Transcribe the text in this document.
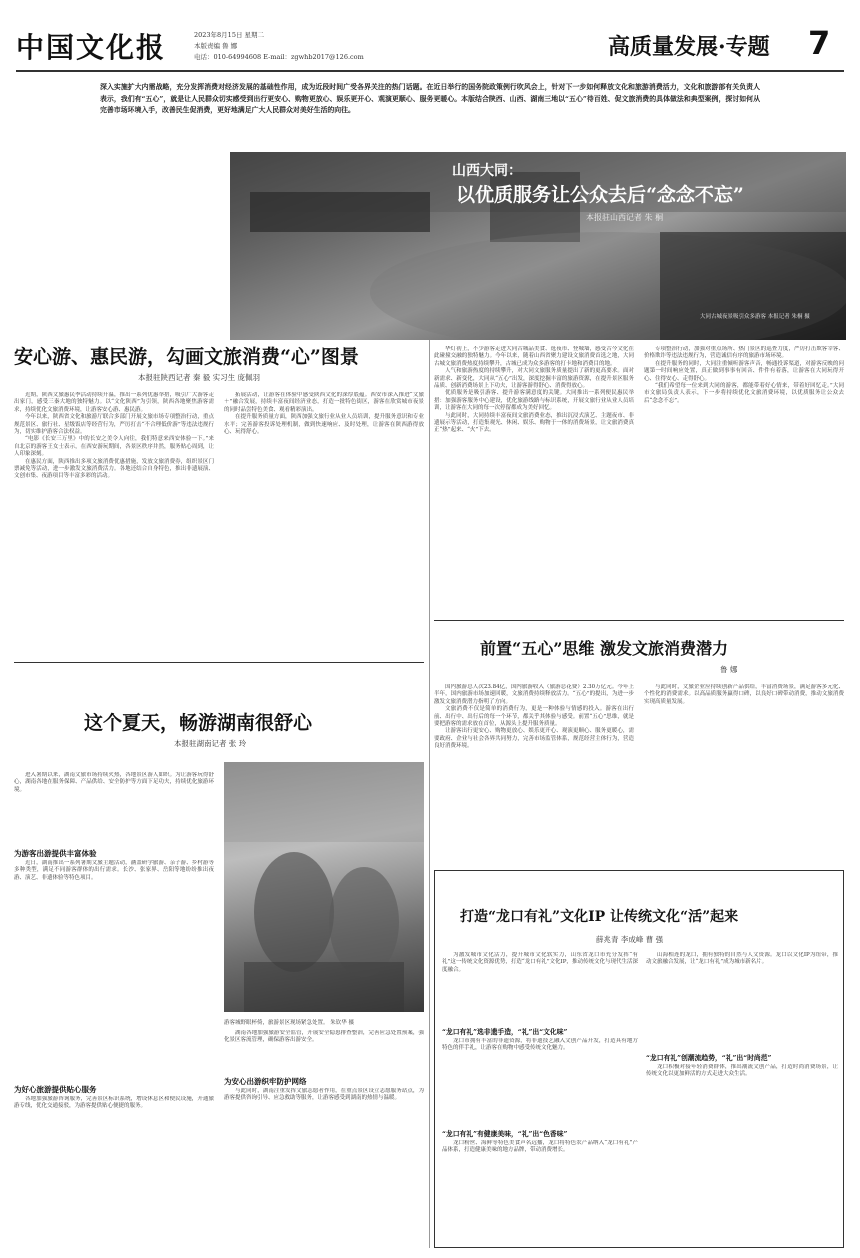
中国文化报	2023年8月15日 星期二
本版责编 鲁 娜
电话：010-64994608 E-mail：zgwhb2017@126.com	高质量发展·专题 7
深入实施扩大内需战略，充分发挥消费对经济发展的基础性作用，成为近段时间广受各界关注的热门话题。在近日举行的国务院政策例行吹风会上，针对下一步如何释放文化和旅游消费活力，文化和旅游部有关负责人表示，我们有“五心”，就是让人民群众切实感受到出行更安心、购物更放心、娱乐更开心、观演更顺心、服务更暖心。本版结合陕西、山西、湖南三地以“五心”待百姓、促文旅消费的具体做法和典型案例，探讨如何从完善市场环境入手，改善民生促消费，更好地满足广大人民群众对美好生活的向往。
大同古城夜景吸引众多游客 本报记者 朱桐 摄
山西大同：
以优质服务让公众去后“念念不忘”
本报驻山西记者 朱 桐
陕西：
安心游、惠民游，勾画文旅消费“心”图景
本报驻陕西记者 秦 毅 实习生 庞佩羽

近期，陕西文旅惠民季活动持续升温，推出一系列优惠举措，吸引广大游客走出家门，感受三秦大地的独特魅力。以“文化陕西”为引领，陕西各地聚焦游客需求，持续优化文旅消费环境，让游客安心游、惠民游。

今年以来，陕西省文化和旅游厅联合多部门开展文旅市场专项整治行动，重点规范景区、旅行社、星级饭店等经营行为，严厉打击“不合理低价游”等违法违规行为，切实维护游客合法权益。

“电影《长安三万里》中的长安之美令人向往，我们特意来西安体验一下。”来自北京的游客王女士表示，在西安游玩期间，各景区秩序井然，服务贴心周到，让人印象深刻。

在惠民方面，陕西推出多项文旅消费优惠措施，发放文旅消费券，组织景区门票减免等活动，进一步激发文旅消费活力。各地还结合自身特色，推出非遗展演、文创市集、夜游项目等丰富多彩的活动。

拓展活动，让游客在体验中感受陕西文化的深厚底蕴。西安市深入推进“文旅＋”融合发展，持续丰富夜间经济业态，打造一批特色街区，游客在欣赏城市夜景的同时品尝特色美食、观看精彩演出。

在提升服务质量方面，陕西加强文旅行业从业人员培训，提升服务意识和专业水平；完善游客投诉处理机制，做到快速响应、及时处理，让游客在陕西游得放心、玩得舒心。

华灯初上，不少游客走进大同古城品美食、逛夜市、登城墙，感受古今文化在此碰撞交融的独特魅力。今年以来，随着山西省聚力建设文旅消费首选之地，大同古城文旅消费热度持续攀升，古城已成为众多游客的打卡地和消费目的地。

人气和旅游热度的持续攀升，对大同文旅服务质量提出了新的更高要求。面对新需求、新变化，大同从“五心”出发，深度挖掘丰富的旅游资源，在提升景区服务品质、创新消费场景上下功夫，让游客游得舒心、消费得放心。

优质服务是吸引游客、提升游客满意度的关键。大同推出一系列便民惠民举措：加强游客服务中心建设，优化旅游线路与标识系统，开展文旅行业从业人员培训，让游客在大同的每一次停留都成为美好回忆。

与此同时，大同持续丰富夜间文旅消费业态，推出沉浸式演艺、主题夜市、非遗展示等活动，打造集观光、休闲、娱乐、购物于一体的消费场景，让文旅消费真正“热”起来、“火”下去。

专项整治行动，加强对重点场所、热门景区的巡查力度，严厉打击欺客宰客、价格欺诈等违法违规行为，营造诚信有序的旅游市场环境。

在提升服务的同时，大同注重倾听游客声音，畅通投诉渠道，对游客反映的问题第一时间响应处置，真正做到事事有回音、件件有着落，让游客在大同玩得开心、住得安心、走得舒心。

“我们希望每一位来到大同的游客，都能带着好心情来，带着好回忆走。”大同市文旅局负责人表示，下一步将持续优化文旅消费环境，以优质服务让公众去后“念念不忘”。

前置“五心”思维 激发文旅消费潜力
鲁 娜

国内旅游总人次23.84亿，国内旅游收入（旅游总花费）2.30万亿元。今年上半年，国内旅游市场加速回暖，文旅消费持续释放活力。“五心”的提出，为进一步激发文旅消费潜力指明了方向。

文旅消费不仅是简单的消费行为，更是一种体验与情感的投入。游客在出行前、出行中、出行后的每一个环节，都关乎其体验与感受。前置“五心”思维，就是要把游客的需求放在首位，从源头上提升服务质量。

让游客出行更安心、购物更放心、娱乐更开心、观演更顺心、服务更暖心，需要政府、企业与社会各界共同努力，完善市场监管体系，规范经营主体行为，营造良好消费环境。

与此同时，文旅企业应持续创新产品供给，丰富消费场景，满足游客多元化、个性化的消费需求。以高品质服务赢得口碑，以良好口碑带动消费，推动文旅消费实现高质量发展。

这个夏天，畅游湖南很舒心
本报驻湖南记者 张 玲

进入暑期以来，湖南文旅市场持续火热，各地景区游人如织。为让游客玩得舒心，湖南各地在服务保障、产品供给、安全防护等方面下足功夫，持续优化旅游环境。

为游客出游提供丰富体验

近日，湖南推出一系列暑期文旅主题活动，涵盖研学旅游、亲子游、乡村游等多种类型，满足不同游客群体的出行需求。长沙、张家界、岳阳等地纷纷推出夜游、演艺、非遗体验等特色项目。

为好心旅游提供贴心服务

各地加强旅游咨询服务，完善景区标识系统，增设休息区和便民设施，开通旅游专线，优化交通接驳，为游客提供贴心便捷的服务。

游客城野眼杯倚，旅游景区现场紧急处置。 朱钦华 摄

湖南各地加强旅游安全监管，开展安全隐患排查整治，完善应急处置预案，强化景区客流管理，确保游客出游安全。

为安心出游织牢防护网络

与此同时，湖南注重发挥文旅志愿者作用，在重点景区设立志愿服务站点，为游客提供咨询引导、应急救助等服务，让游客感受到湖南的热情与温暖。

打造“龙口有礼”文化IP 让传统文化“活”起来
薛兆青 李成峰 曹 强

为激发城市文化活力，提升城市文化软实力，山东省龙口市充分发挥“有礼”这一传统文化资源优势，打造“龙口有礼”文化IP，推动传统文化与现代生活深度融合。

“龙口有礼”选非遗手造，“礼”出“文化味”

龙口市拥有丰富的非遗资源，将非遗技艺融入文创产品开发，打造具有地方特色的伴手礼，让游客在购物中感受传统文化魅力。

“龙口有礼”有健康美味，“礼”出“色香味”

龙口粉丝、海鲜等特色美食声名远播，龙口将特色农产品纳入“龙口有礼”产品体系，打造健康美味的地方品牌，带动消费增长。

山海相连的龙口，拥有独特的自然与人文资源。龙口以文化IP为纽带，推动文旅融合发展，让“龙口有礼”成为城市新名片。

“龙口有礼”创潮流趋势，“礼”出“时尚范”

龙口积极对接年轻消费群体，推出潮流文创产品，打造时尚消费场景，让传统文化以更加鲜活的方式走进大众生活。
